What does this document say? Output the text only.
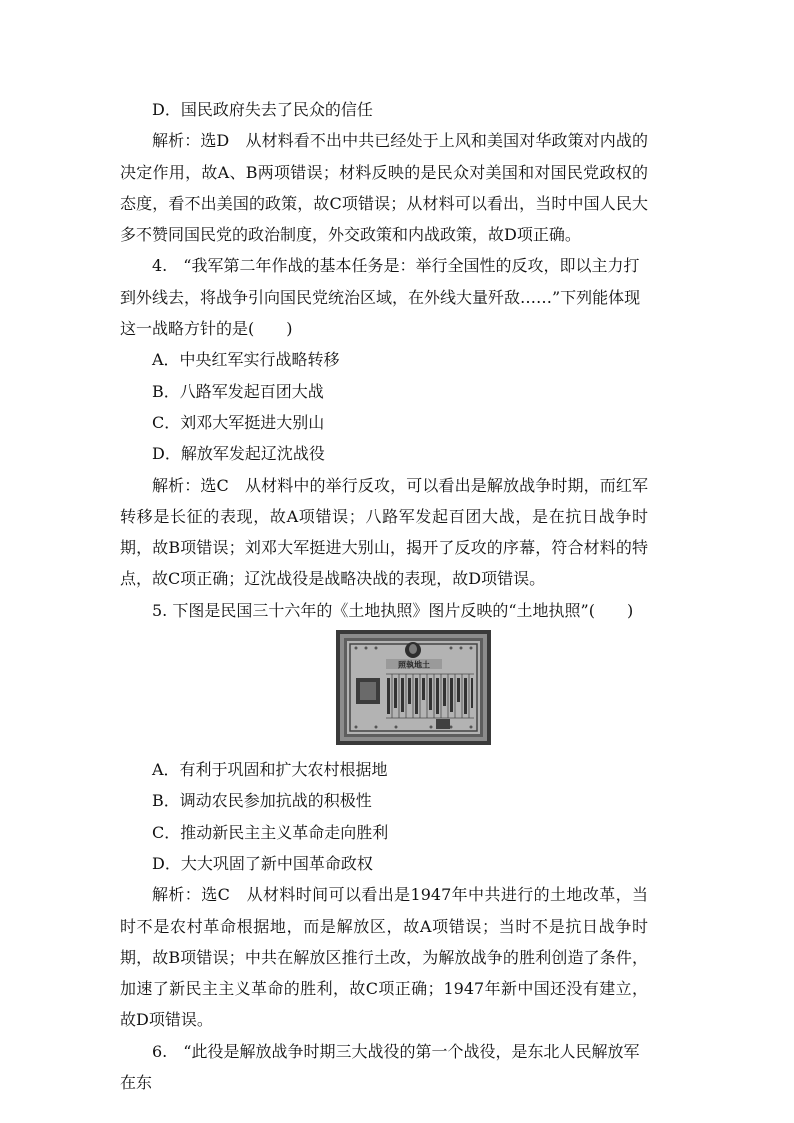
D．国民政府失去了民众的信任

解析：选D　从材料看不出中共已经处于上风和美国对华政策对内战的决定作用，故A、B两项错误；材料反映的是民众对美国和对国民党政权的态度，看不出美国的政策，故C项错误；从材料可以看出，当时中国人民大多不赞同国民党的政治制度，外交政策和内战政策，故D项正确。

4.　“我军第二年作战的基本任务是：举行全国性的反攻，即以主力打到外线去，将战争引向国民党统治区域，在外线大量歼敌……”下列能体现这一战略方针的是(　　)

A．中央红军实行战略转移

B．八路军发起百团大战

C．刘邓大军挺进大别山

D．解放军发起辽沈战役

解析：选C　从材料中的举行反攻，可以看出是解放战争时期，而红军转移是长征的表现，故A项错误；八路军发起百团大战，是在抗日战争时期，故B项错误；刘邓大军挺进大别山，揭开了反攻的序幕，符合材料的特点，故C项正确；辽沈战役是战略决战的表现，故D项错误。

5. 下图是民国三十六年的《土地执照》图片反映的“土地执照”(　　)

照執地土

A．有利于巩固和扩大农村根据地

B．调动农民参加抗战的积极性

C．推动新民主主义革命走向胜利

D．大大巩固了新中国革命政权

解析：选C　从材料时间可以看出是1947年中共进行的土地改革，当时不是农村革命根据地，而是解放区，故A项错误；当时不是抗日战争时期，故B项错误；中共在解放区推行土改，为解放战争的胜利创造了条件，加速了新民主主义革命的胜利，故C项正确；1947年新中国还没有建立，故D项错误。

6.　“此役是解放战争时期三大战役的第一个战役，是东北人民解放军在东
